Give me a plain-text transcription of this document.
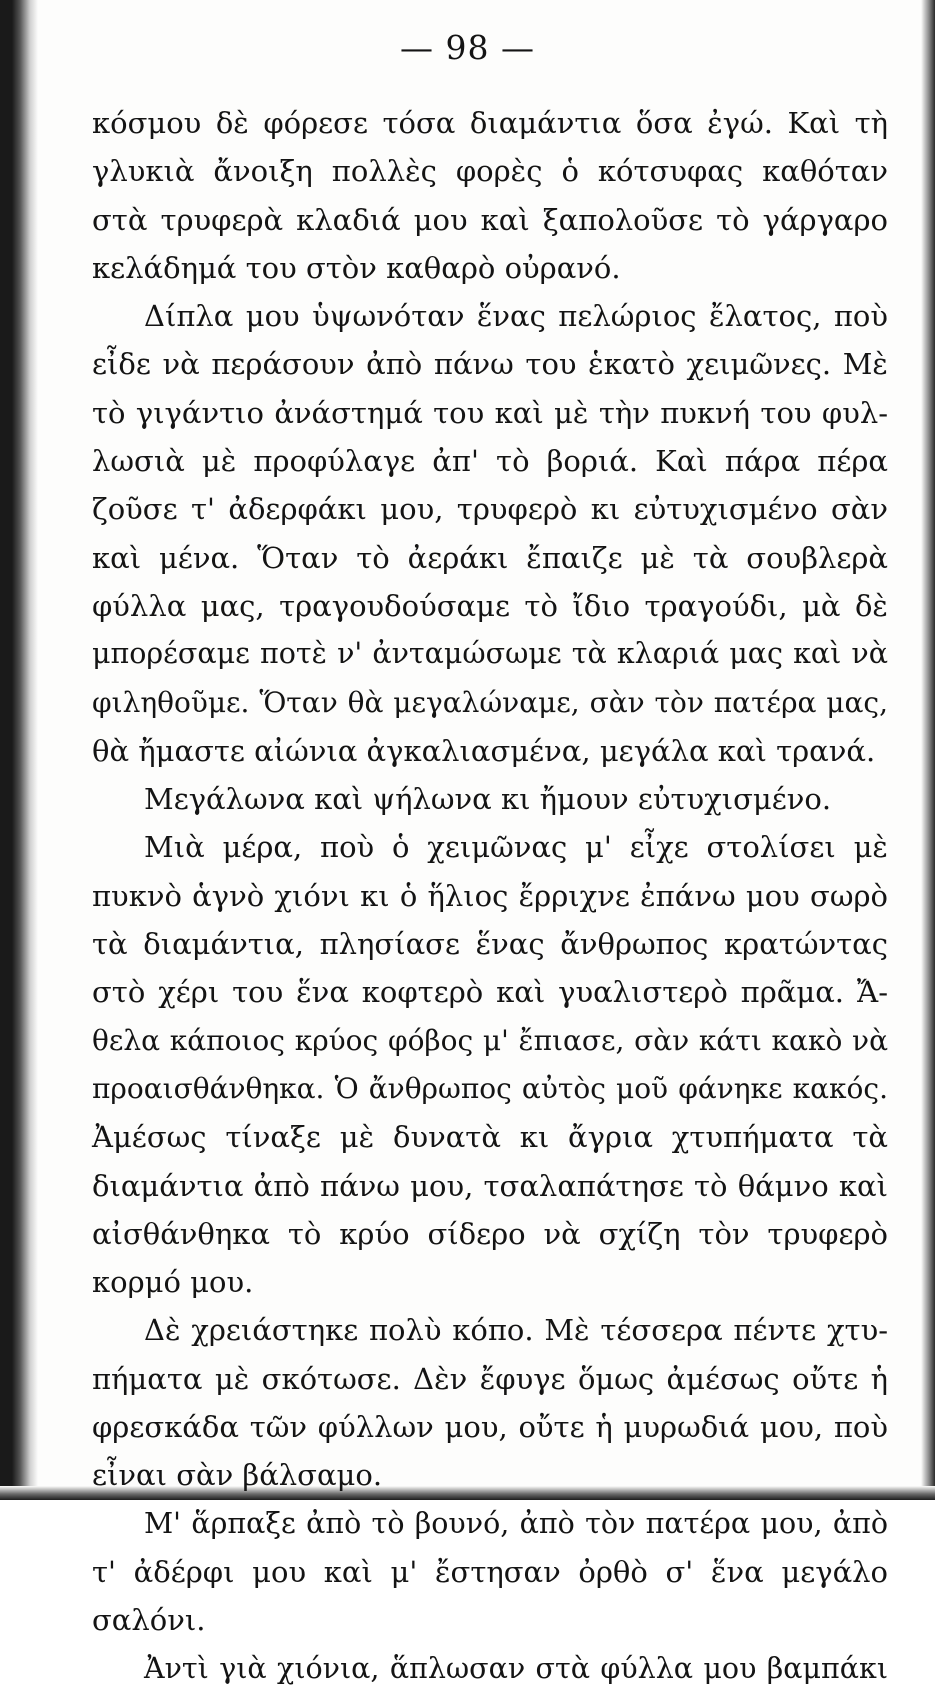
— 98 —
κόσμου δὲ φόρεσε τόσα διαμάντια ὅσα ἐγώ. Καὶ τὴ
γλυκιὰ ἄνοιξη πολλὲς φορὲς ὁ κότσυφας καθόταν
στὰ τρυφερὰ κλαδιά μου καὶ ξαπολοῦσε τὸ γάργαρο
κελάδημά του στὸν καθαρὸ οὐρανό.
Δίπλα μου ὑψωνόταν ἕνας πελώριος ἔλατος, ποὺ
εἶδε νὰ περάσουν ἀπὸ πάνω του ἑκατὸ χειμῶνες. Μὲ
τὸ γιγάντιο ἀνάστημά του καὶ μὲ τὴν πυκνή του φυλ-
λωσιὰ μὲ προφύλαγε ἀπ' τὸ βοριά. Καὶ πάρα πέρα
ζοῦσε τ' ἀδερφάκι μου, τρυφερὸ κι εὐτυχισμένο σὰν
καὶ μένα. Ὅταν τὸ ἀεράκι ἔπαιζε μὲ τὰ σουβλερὰ
φύλλα μας, τραγουδούσαμε τὸ ἴδιο τραγούδι, μὰ δὲ
μπορέσαμε ποτὲ ν' ἀνταμώσωμε τὰ κλαριά μας καὶ νὰ
φιληθοῦμε. Ὅταν θὰ μεγαλώναμε, σὰν τὸν πατέρα μας,
θὰ ἤμαστε αἰώνια ἀγκαλιασμένα, μεγάλα καὶ τρανά.
Μεγάλωνα καὶ ψήλωνα κι ἤμουν εὐτυχισμένο.
Μιὰ μέρα, ποὺ ὁ χειμῶνας μ' εἶχε στολίσει μὲ
πυκνὸ ἁγνὸ χιόνι κι ὁ ἥλιος ἔρριχνε ἐπάνω μου σωρὸ
τὰ διαμάντια, πλησίασε ἕνας ἄνθρωπος κρατώντας
στὸ χέρι του ἕνα κοφτερὸ καὶ γυαλιστερὸ πρᾶμα. Ἄ-
θελα κάποιος κρύος φόβος μ' ἔπιασε, σὰν κάτι κακὸ νὰ
προαισθάνθηκα. Ὁ ἄνθρωπος αὐτὸς μοῦ φάνηκε κακός.
Ἀμέσως τίναξε μὲ δυνατὰ κι ἄγρια χτυπήματα τὰ
διαμάντια ἀπὸ πάνω μου, τσαλαπάτησε τὸ θάμνο καὶ
αἰσθάνθηκα τὸ κρύο σίδερο νὰ σχίζη τὸν τρυφερὸ
κορμό μου.
Δὲ χρειάστηκε πολὺ κόπο. Μὲ τέσσερα πέντε χτυ-
πήματα μὲ σκότωσε. Δὲν ἔφυγε ὅμως ἀμέσως οὔτε ἡ
φρεσκάδα τῶν φύλλων μου, οὔτε ἡ μυρωδιά μου, ποὺ
εἶναι σὰν βάλσαμο.
Μ' ἅρπαξε ἀπὸ τὸ βουνό, ἀπὸ τὸν πατέρα μου, ἀπὸ
τ' ἀδέρφι μου καὶ μ' ἔστησαν ὀρθὸ σ' ἕνα μεγάλο
σαλόνι.
Ἀντὶ γιὰ χιόνια, ἅπλωσαν στὰ φύλλα μου βαμπάκι
